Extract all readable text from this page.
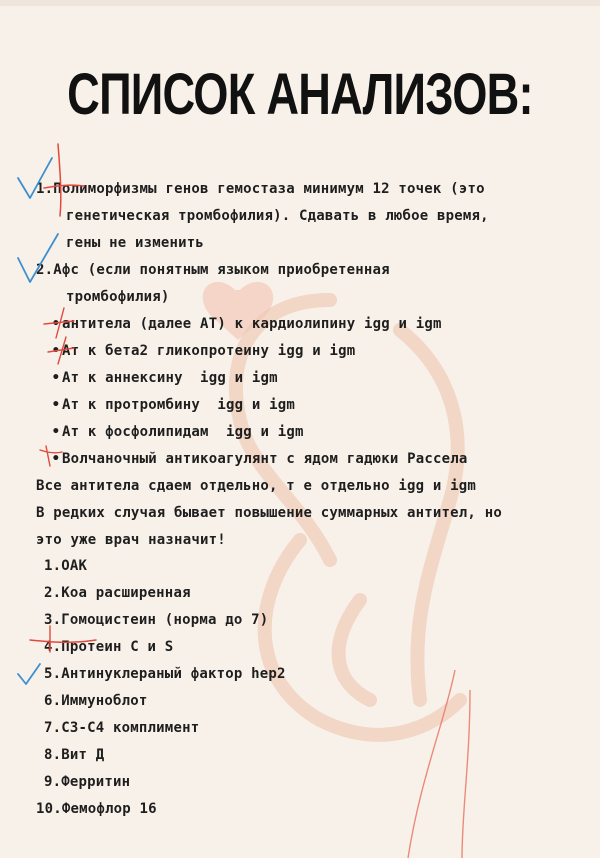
СПИСОК АНАЛИЗОВ:
1.Полиморфизмы генов гемостаза минимум 12 точек (это
генетическая тромбофилия). Сдавать в любое время,
гены не изменить
2.Афс (если понятным языком приобретенная
тромбофилия)
• антитела (далее АТ) к кардиолипину igg и igm
• Ат к бета2 гликопротеину igg и igm
• Ат к аннексину  igg и igm
• Ат к протромбину  igg и igm
• Ат к фосфолипидам  igg и igm
• Волчаночный антикоагулянт с ядом гадюки Рассела
Все антитела сдаем отдельно, т е отдельно igg и igm
В редких случая бывает повышение суммарных антител, но
это уже врач назначит!
1.ОАК
2.Коа расширенная
3.Гомоцистеин (норма до 7)
4.Протеин С и S
5.Антинуклераный фактор hep2
6.Иммуноблот
7.С3-С4 комплимент
8.Вит Д
9.Ферритин
10.Фемофлор 16
